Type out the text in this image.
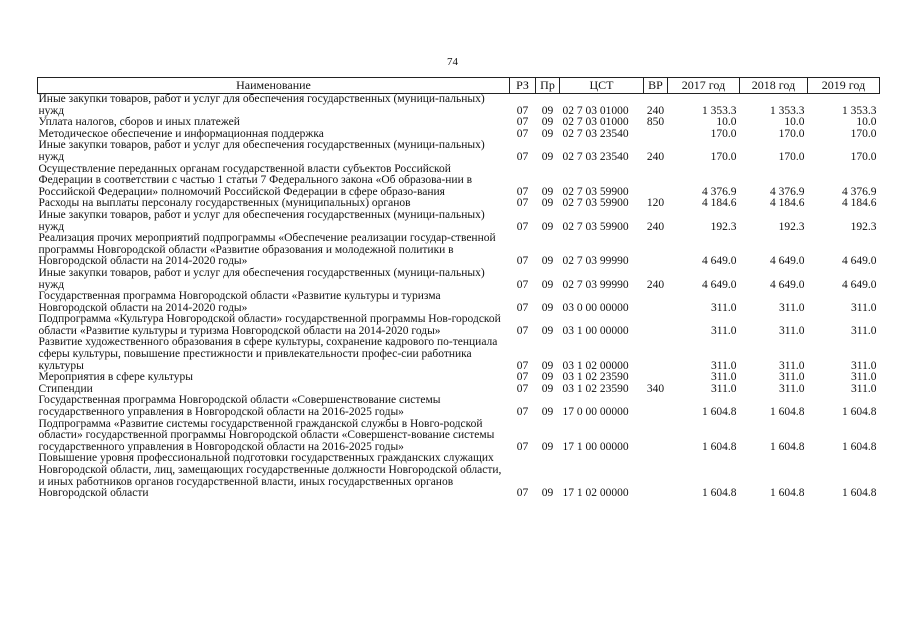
74
Наименование	РЗ	Пр	ЦСТ	ВР	2017 год	2018 год	2019 год
Иные закупки товаров, работ и услуг для обеспечения государственных (муници-пальных) нужд	07	09	02 7 03 01000	240	1 353.3	1 353.3	1 353.3
Уплата налогов, сборов и иных платежей	07	09	02 7 03 01000	850	10.0	10.0	10.0
Методическое обеспечение и информационная поддержка	07	09	02 7 03 23540		170.0	170.0	170.0
Иные закупки товаров, работ и услуг для обеспечения государственных (муници-пальных) нужд	07	09	02 7 03 23540	240	170.0	170.0	170.0
Осуществление переданных органам государственной власти субъектов Российской Федерации в соответствии с частью 1 статьи 7 Федерального закона «Об образова-нии в Российской Федерации» полномочий Российской Федерации в сфере образо-вания	07	09	02 7 03 59900		4 376.9	4 376.9	4 376.9
Расходы на выплаты персоналу государственных (муниципальных) органов	07	09	02 7 03 59900	120	4 184.6	4 184.6	4 184.6
Иные закупки товаров, работ и услуг для обеспечения государственных (муници-пальных) нужд	07	09	02 7 03 59900	240	192.3	192.3	192.3
Реализация прочих мероприятий подпрограммы «Обеспечение реализации государ-ственной программы Новгородской области «Развитие образования и молодежной политики в Новгородской области на 2014-2020 годы»	07	09	02 7 03 99990		4 649.0	4 649.0	4 649.0
Иные закупки товаров, работ и услуг для обеспечения государственных (муници-пальных) нужд	07	09	02 7 03 99990	240	4 649.0	4 649.0	4 649.0
Государственная программа Новгородской области «Развитие культуры и туризма Новгородской области на 2014-2020 годы»	07	09	03 0 00 00000		311.0	311.0	311.0
Подпрограмма «Культура Новгородской области» государственной программы Нов-городской области «Развитие культуры и туризма Новгородской области на 2014-2020 годы»	07	09	03 1 00 00000		311.0	311.0	311.0
Развитие художественного образования в сфере культуры, сохранение кадрового по-тенциала сферы культуры, повышение престижности и привлекательности профес-сии работника культуры	07	09	03 1 02 00000		311.0	311.0	311.0
Мероприятия в сфере культуры	07	09	03 1 02 23590		311.0	311.0	311.0
Стипендии	07	09	03 1 02 23590	340	311.0	311.0	311.0
Государственная программа Новгородской области «Совершенствование системы государственного управления в Новгородской области на 2016-2025 годы»	07	09	17 0 00 00000		1 604.8	1 604.8	1 604.8
Подпрограмма «Развитие системы государственной гражданской службы в Новго-родской области» государственной программы Новгородской области «Совершенст-вование системы государственного управления в Новгородской области на 2016-2025 годы»	07	09	17 1 00 00000		1 604.8	1 604.8	1 604.8
Повышение уровня профессиональной подготовки государственных гражданских служащих Новгородской области, лиц, замещающих государственные должности Новгородской области, и иных работников органов государственной власти, иных государственных органов Новгородской области	07	09	17 1 02 00000		1 604.8	1 604.8	1 604.8
